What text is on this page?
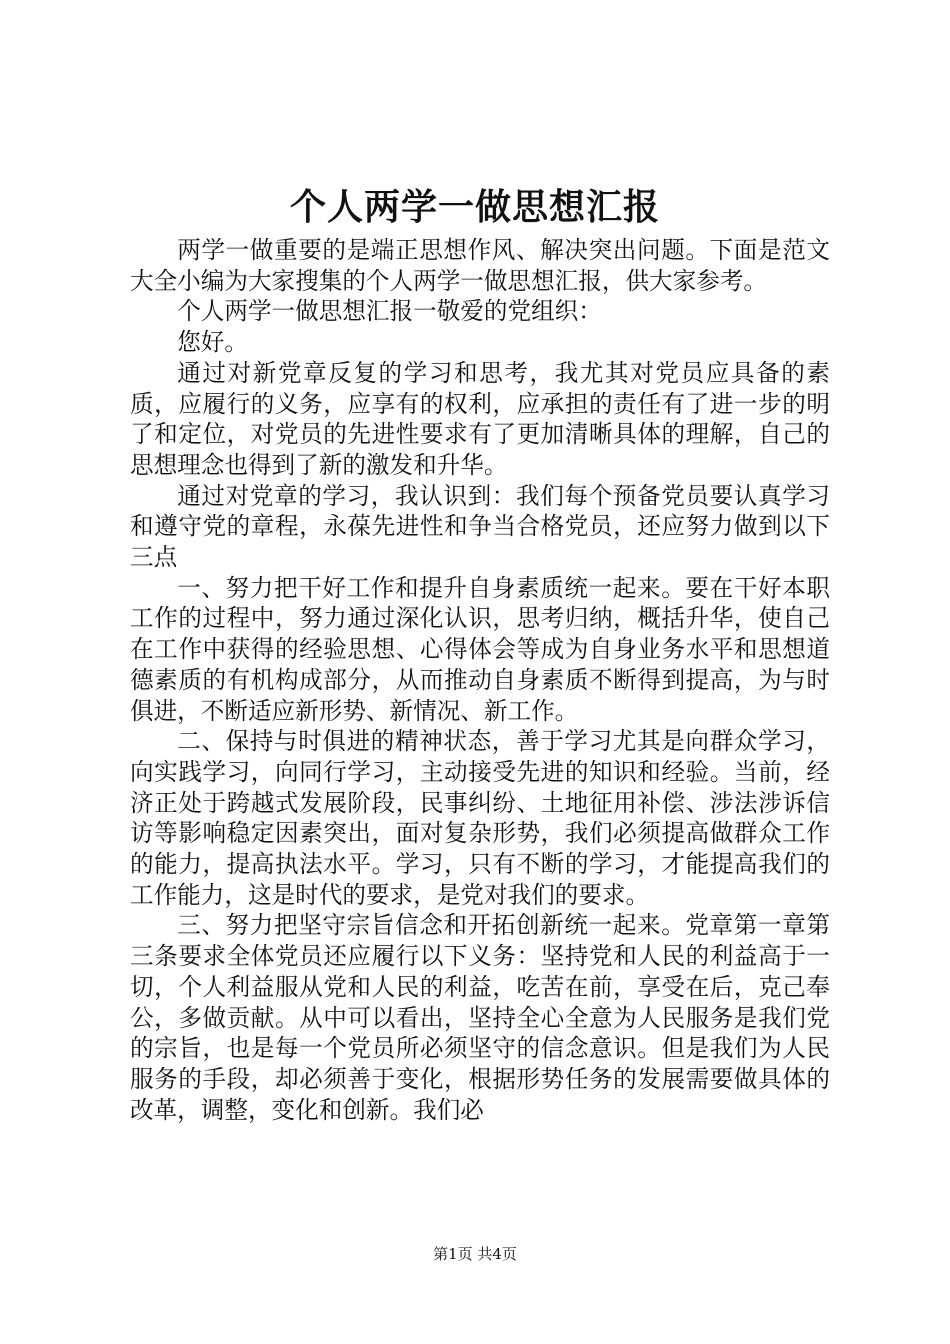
个人两学一做思想汇报

两学一做重要的是端正思想作风、解决突出问题。下面是范文大全小编为大家搜集的个人两学一做思想汇报，供大家参考。

个人两学一做思想汇报一敬爱的党组织：

您好。

通过对新党章反复的学习和思考，我尤其对党员应具备的素质，应履行的义务，应享有的权利，应承担的责任有了进一步的明了和定位，对党员的先进性要求有了更加清晰具体的理解，自己的思想理念也得到了新的激发和升华。

通过对党章的学习，我认识到：我们每个预备党员要认真学习和遵守党的章程，永葆先进性和争当合格党员，还应努力做到以下三点

一、努力把干好工作和提升自身素质统一起来。要在干好本职工作的过程中，努力通过深化认识，思考归纳，概括升华，使自己在工作中获得的经验思想、心得体会等成为自身业务水平和思想道德素质的有机构成部分，从而推动自身素质不断得到提高，为与时俱进，不断适应新形势、新情况、新工作。

二、保持与时俱进的精神状态，善于学习尤其是向群众学习，向实践学习，向同行学习，主动接受先进的知识和经验。当前，经济正处于跨越式发展阶段，民事纠纷、土地征用补偿、涉法涉诉信访等影响稳定因素突出，面对复杂形势，我们必须提高做群众工作的能力，提高执法水平。学习，只有不断的学习，才能提高我们的工作能力，这是时代的要求，是党对我们的要求。

三、努力把坚守宗旨信念和开拓创新统一起来。党章第一章第三条要求全体党员还应履行以下义务：坚持党和人民的利益高于一切，个人利益服从党和人民的利益，吃苦在前，享受在后，克己奉公，多做贡献。从中可以看出，坚持全心全意为人民服务是我们党的宗旨，也是每一个党员所必须坚守的信念意识。但是我们为人民服务的手段，却必须善于变化，根据形势任务的发展需要做具体的改革，调整，变化和创新。我们必

第1页 共4页
